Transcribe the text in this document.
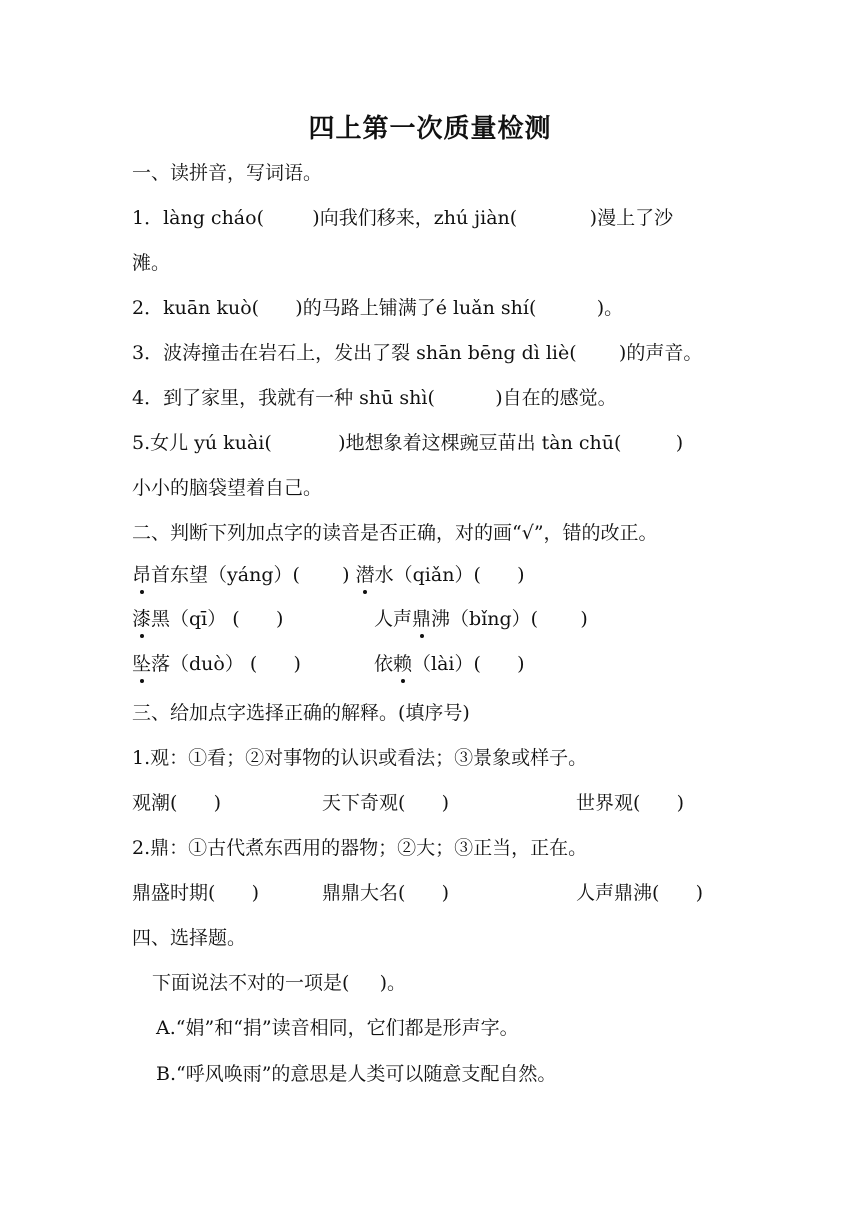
四上第一次质量检测
一、读拼音，写词语。
1．làng cháo(        )向我们移来，zhú jiàn(            )漫上了沙
滩。
2．kuān kuò(      )的马路上铺满了é luǎn shí(          )。
3．波涛撞击在岩石上，发出了裂 shān bēng dì liè(       )的声音。
4．到了家里，我就有一种 shū shì(          )自在的感觉。
5.女儿 yú kuài(           )地想象着这棵豌豆苗出 tàn chū(         )
小小的脑袋望着自己。
二、判断下列加点字的读音是否正确，对的画“√”，错的改正。
昂首东望（yáng）(       ) 潜水（qiǎn）(      )
漆黑（qī） (      )	人声鼎沸（bǐng）(       )
坠落（duò） (      )	依赖（lài）(      )
三、给加点字选择正确的解释。(填序号)
1.观：①看；②对事物的认识或看法；③景象或样子。
观潮(      )	天下奇观(      )	世界观(      )
2.鼎：①古代煮东西用的器物；②大；③正当，正在。
鼎盛时期(      )	鼎鼎大名(      )	人声鼎沸(      )
四、选择题。
下面说法不对的一项是(     )。
A.“娟”和“捐”读音相同，它们都是形声字。
B.“呼风唤雨”的意思是人类可以随意支配自然。
